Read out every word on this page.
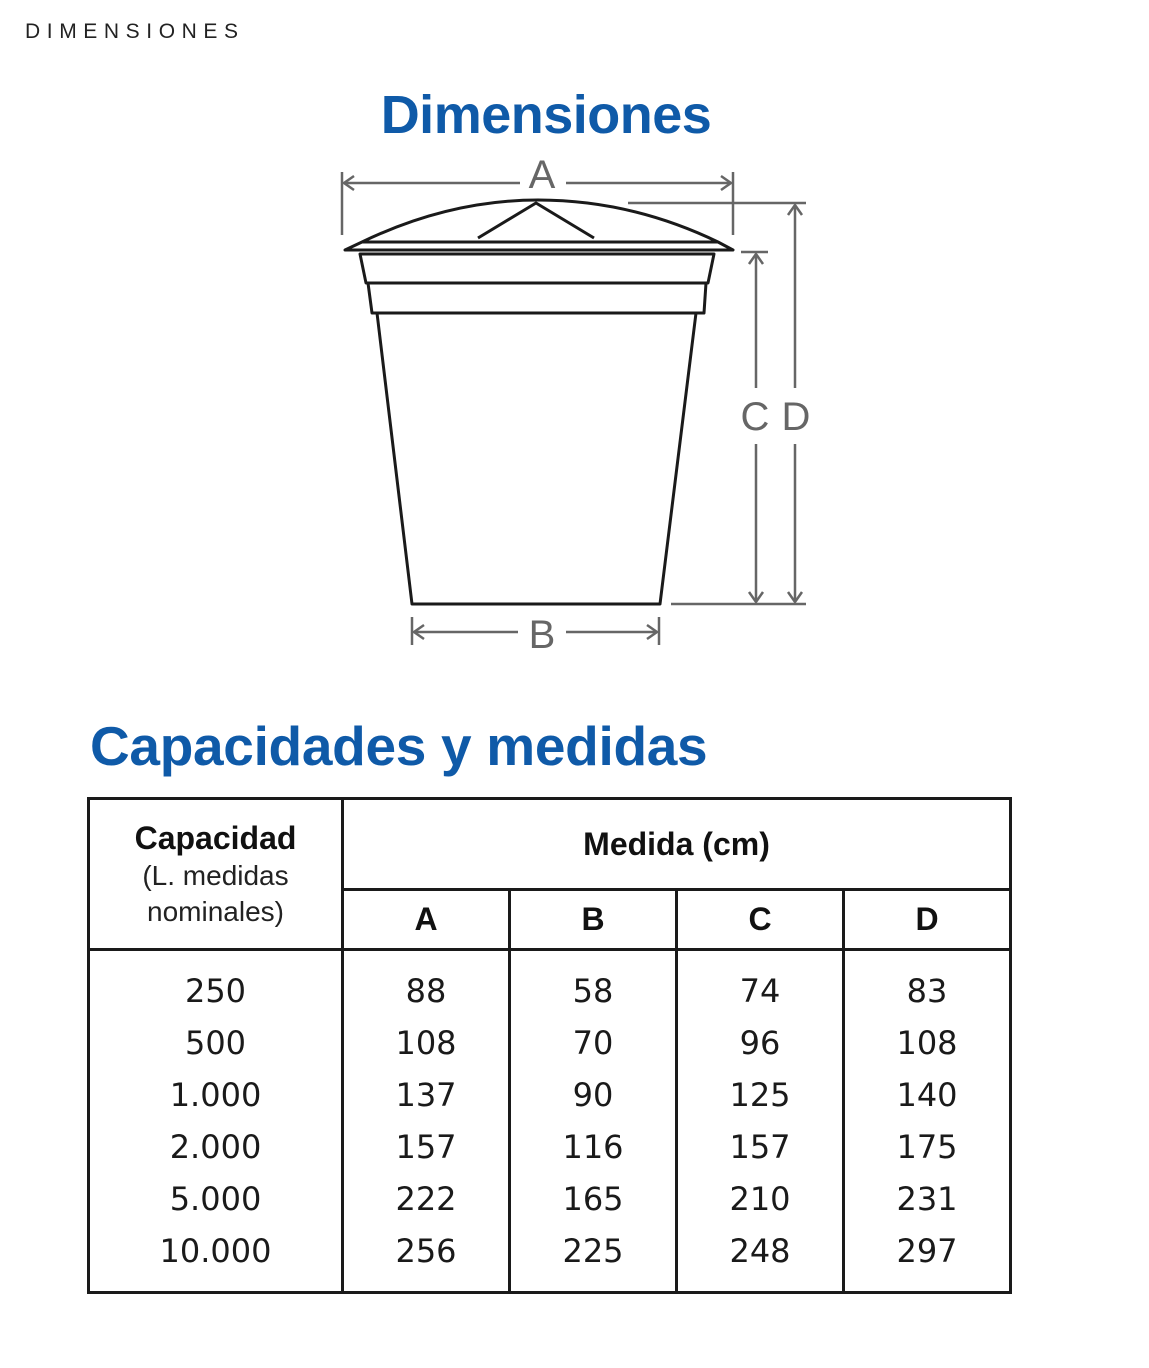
DIMENSIONES
Dimensiones
A
B
C D
Capacidades y medidas
Capacidad
(L. medidas
nominales)	Medida (cm)			
	A	B	C	D
250	88	58	74	83
500	108	70	96	108
1.000	137	90	125	140
2.000	157	116	157	175
5.000	222	165	210	231
10.000	256	225	248	297
